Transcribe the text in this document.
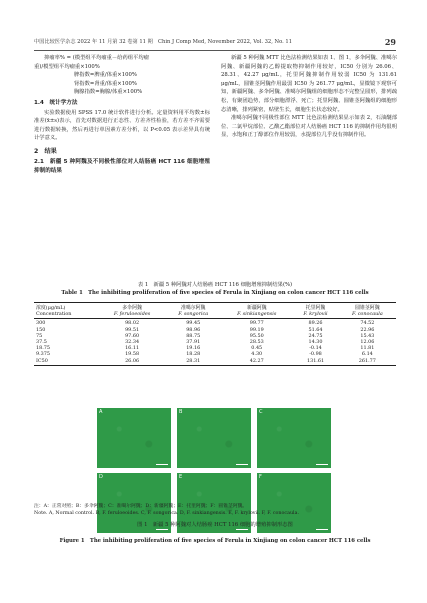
中国比较医学杂志 2022 年 11 月第 32 卷第 11 期　Chin J Comp Med, November 2022, Vol. 32, No. 11	29

抑瘤率% = (模型组平均瘤重－给药组平均瘤

重)/模型组平均瘤重×100%

脾指数=脾重/体重×100%

肾指数=肾重/体重×100%

胸腺指数=胸腺/体重×100%

1.4　统计学方法

实验数据使用 SPSS 17.0 统计软件进行分析。定量资料用平均数±标准差(x̄±s)表示，首先对数据进行正态性、方差齐性检验，若方差不齐需要进行数据转换，然后再进行单因素方差分析，以 P<0.05 表示差异具有统计学意义。

2　结果

2.1　新疆 5 种阿魏及不同极性部位对人结肠癌 HCT 116 细胞增殖抑制的结果

新疆 5 种阿魏 MTT 比色法检测结果如表 1、图 1，多伞阿魏、准噶尔阿魏、新疆阿魏的乙醇提取物抑制作用较好，IC50 分别为 26.06、28.31、42.27 μg/mL，托里阿魏抑制作用较弱 IC50 为 131.61 μg/mL，圆锥茎阿魏作用最弱 IC50 为 261.77 μg/mL，显微镜下观察可知，新疆阿魏、多伞阿魏、准噶尔阿魏组的细胞形态不完整呈圆形，排列疏松，有聚团趋势，部分细胞漂浮、死亡；托里阿魏、圆锥茎阿魏组的细胞形态清晰，排列紧密，贴壁生长，细胞生长状态较好。

准噶尔阿魏不同极性部位 MTT 比色法检测结果显示如表 2，石油醚部位、二氯甲烷部位、乙酸乙酯部位对人结肠癌 HCT 116 的抑制作用均很明显，水饱和正丁醇部位作用较弱，水提部位几乎没有抑制作用。

表 1　新疆 5 种阿魏对人结肠癌 HCT 116 细胞增殖抑制结果(%)
Table 1　The inhibiting proliferation of five species of Ferula in Xinjiang on colon cancer HCT 116 cells
浓度(μg/mL)	多伞阿魏	准噶尔阿魏	新疆阿魏	托里阿魏	圆锥茎阿魏
Concentration	F. feruloeoides	F. songorica	F. sinkiangensis	F. krylovii	F. conocaula
300	98.02	99.45	99.77	89.26	74.52
150	99.51	98.96	99.19	51.64	22.96
75	97.60	88.75	95.50	24.75	15.43
37.5	32.34	37.91	28.53	14.30	12.06
18.75	16.11	19.16	0.45	-0.14	11.81
9.375	19.58	18.28	4.30	-0.98	6.14
IC50	26.06	28.31	42.27	131.61	261.77
A	B	C
D	E	F
注：A：正常对照；B：多伞阿魏；C：准噶尔阿魏；D：新疆阿魏；E：托里阿魏；F：圆锥茎阿魏。
Note. A, Normal control. B, F. feruloeoides. C, F. songorica. D, F. sinkiangensis. E, F. krylovii. F, F. conocaula.
图 1　新疆 5 种阿魏对人结肠癌 HCT 116 细胞的增殖抑制形态图
Figure 1　The inhibiting proliferation of five species of Ferula in Xinjiang on colon cancer HCT 116 cells
